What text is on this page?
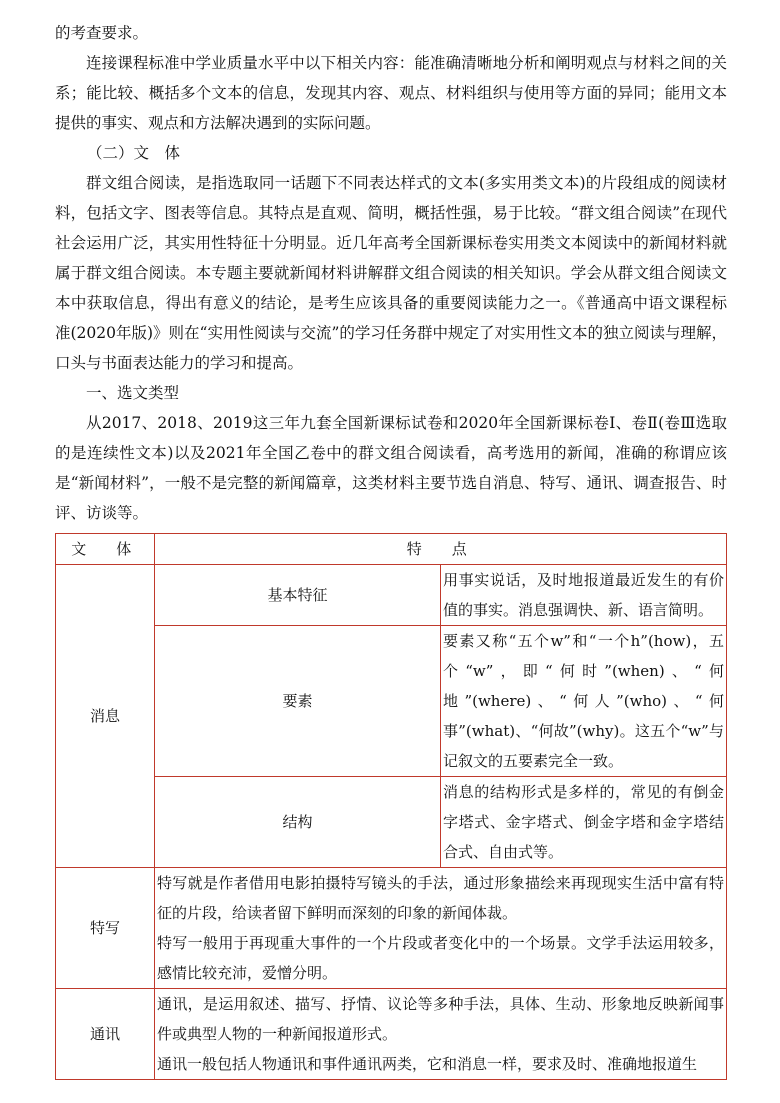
的考查要求。

连接课程标准中学业质量水平中以下相关内容：能准确清晰地分析和阐明观点与材料之间的关系；能比较、概括多个文本的信息，发现其内容、观点、材料组织与使用等方面的异同；能用文本提供的事实、观点和方法解决遇到的实际问题。

（二）文　体

群文组合阅读，是指选取同一话题下不同表达样式的文本(多实用类文本)的片段组成的阅读材料，包括文字、图表等信息。其特点是直观、简明，概括性强，易于比较。“群文组合阅读”在现代社会运用广泛，其实用性特征十分明显。近几年高考全国新课标卷实用类文本阅读中的新闻材料就属于群文组合阅读。本专题主要就新闻材料讲解群文组合阅读的相关知识。学会从群文组合阅读文本中获取信息，得出有意义的结论，是考生应该具备的重要阅读能力之一。《普通高中语文课程标准(2020年版)》则在“实用性阅读与交流”的学习任务群中规定了对实用性文本的独立阅读与理解，口头与书面表达能力的学习和提高。

一、选文类型

从2017、2018、2019这三年九套全国新课标试卷和2020年全国新课标卷Ⅰ、卷Ⅱ(卷Ⅲ选取的是连续性文本)以及2021年全国乙卷中的群文组合阅读看，高考选用的新闻，准确的称谓应该是“新闻材料”，一般不是完整的新闻篇章，这类材料主要节选自消息、特写、通讯、调查报告、时评、访谈等。

文　体	特　点	
消息	基本特征	用事实说话，及时地报道最近发生的有价值的事实。消息强调快、新、语言简明。
	要素	要素又称“五个w”和“一个h”(how)，五个“w”，即“何时”(when)、“何地”(where)、“何人”(who)、“何事”(what)、“何故”(why)。这五个“w”与记叙文的五要素完全一致。
	结构	消息的结构形式是多样的，常见的有倒金字塔式、金字塔式、倒金字塔和金字塔结合式、自由式等。
特写	特写就是作者借用电影拍摄特写镜头的手法，通过形象描绘来再现现实生活中富有特征的片段，给读者留下鲜明而深刻的印象的新闻体裁。
特写一般用于再现重大事件的一个片段或者变化中的一个场景。文学手法运用较多，感情比较充沛，爱憎分明。	

通讯	通讯，是运用叙述、描写、抒情、议论等多种手法，具体、生动、形象地反映新闻事件或典型人物的一种新闻报道形式。
通讯一般包括人物通讯和事件通讯两类，它和消息一样，要求及时、准确地报道生	
